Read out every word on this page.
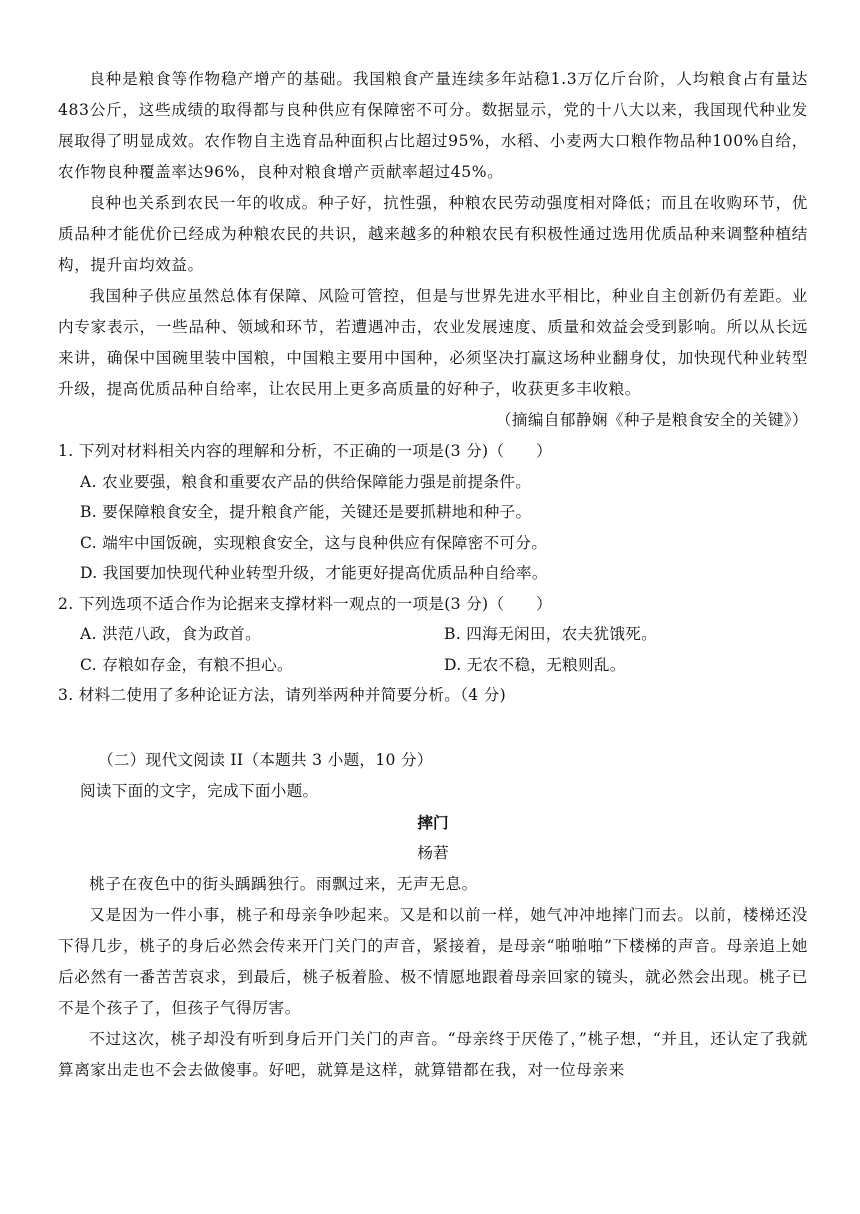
良种是粮食等作物稳产增产的基础。我国粮食产量连续多年站稳1.3万亿斤台阶，人均粮食占有量达483公斤，这些成绩的取得都与良种供应有保障密不可分。数据显示，党的十八大以来，我国现代种业发展取得了明显成效。农作物自主选育品种面积占比超过95%，水稻、小麦两大口粮作物品种100%自给，农作物良种覆盖率达96%，良种对粮食增产贡献率超过45%。

良种也关系到农民一年的收成。种子好，抗性强，种粮农民劳动强度相对降低；而且在收购环节，优质品种才能优价已经成为种粮农民的共识，越来越多的种粮农民有积极性通过选用优质品种来调整种植结构，提升亩均效益。

我国种子供应虽然总体有保障、风险可管控，但是与世界先进水平相比，种业自主创新仍有差距。业内专家表示，一些品种、领域和环节，若遭遇冲击，农业发展速度、质量和效益会受到影响。所以从长远来讲，确保中国碗里装中国粮，中国粮主要用中国种，必须坚决打赢这场种业翻身仗，加快现代种业转型升级，提高优质品种自给率，让农民用上更多高质量的好种子，收获更多丰收粮。

（摘编自郁静娴《种子是粮食安全的关键》）

1. 下列对材料相关内容的理解和分析，不正确的一项是(3 分)（　　）

A. 农业要强，粮食和重要农产品的供给保障能力强是前提条件。

B. 要保障粮食安全，提升粮食产能，关键还是要抓耕地和种子。

C. 端牢中国饭碗，实现粮食安全，这与良种供应有保障密不可分。

D. 我国要加快现代种业转型升级，才能更好提高优质品种自给率。

2. 下列选项不适合作为论据来支撑材料一观点的一项是(3 分)（　　）

A. 洪范八政，食为政首。	B. 四海无闲田，农夫犹饿死。
C. 存粮如存金，有粮不担心。	D. 无农不稳，无粮则乱。

3. 材料二使用了多种论证方法，请列举两种并简要分析。（4 分)

（二）现代文阅读 II（本题共 3 小题，10 分）

阅读下面的文字，完成下面小题。

摔门

杨莙

桃子在夜色中的街头踽踽独行。雨飘过来，无声无息。

又是因为一件小事，桃子和母亲争吵起来。又是和以前一样，她气冲冲地摔门而去。以前，楼梯还没下得几步，桃子的身后必然会传来开门关门的声音，紧接着，是母亲“啪啪啪”下楼梯的声音。母亲追上她后必然有一番苦苦哀求，到最后，桃子板着脸、极不情愿地跟着母亲回家的镜头，就必然会出现。桃子已不是个孩子了，但孩子气得厉害。

不过这次，桃子却没有听到身后开门关门的声音。“母亲终于厌倦了，”桃子想，“并且，还认定了我就算离家出走也不会去做傻事。好吧，就算是这样，就算错都在我，对一位母亲来
